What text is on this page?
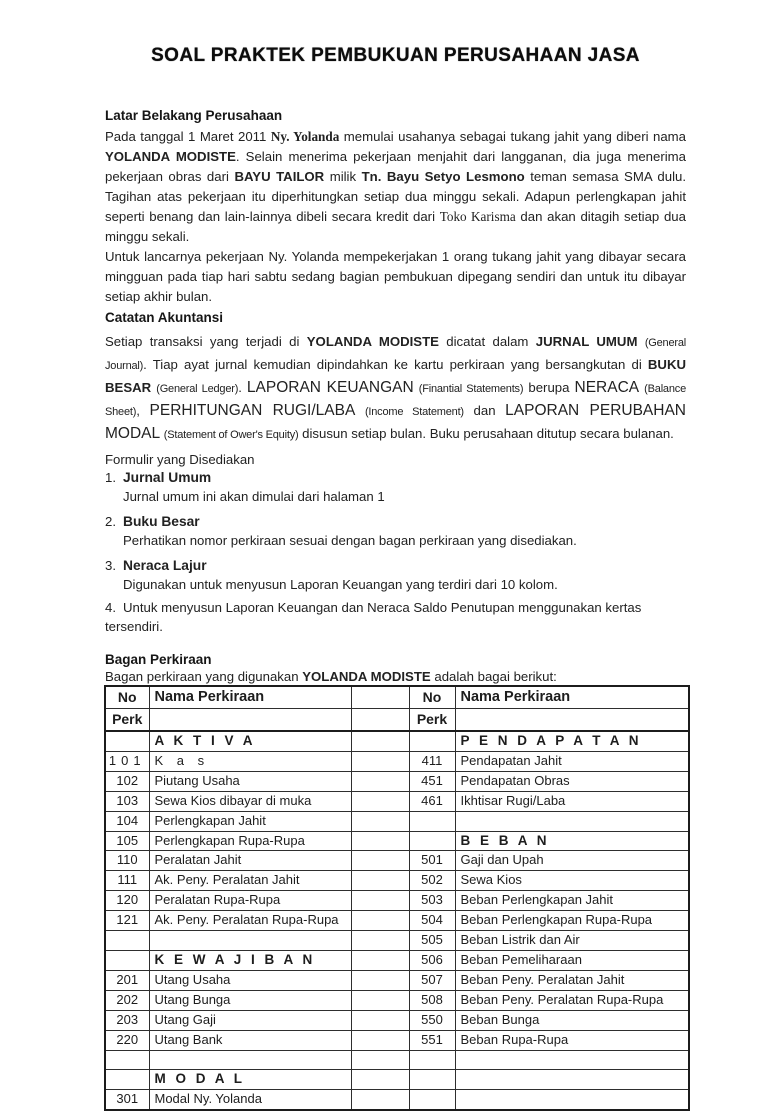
SOAL PRAKTEK PEMBUKUAN PERUSAHAAN JASA
Latar Belakang Perusahaan

Pada tanggal 1 Maret 2011 Ny. Yolanda memulai usahanya sebagai tukang jahit yang diberi nama YOLANDA MODISTE. Selain menerima pekerjaan menjahit dari langganan, dia juga menerima pekerjaan obras dari BAYU TAILOR milik Tn. Bayu Setyo Lesmono teman semasa SMA dulu. Tagihan atas pekerjaan itu diperhitungkan setiap dua minggu sekali. Adapun perlengkapan jahit seperti benang dan lain-lainnya dibeli secara kredit dari Toko Karisma dan akan ditagih setiap dua minggu sekali.

Untuk lancarnya pekerjaan Ny. Yolanda mempekerjakan 1 orang tukang jahit yang dibayar secara mingguan pada tiap hari sabtu sedang bagian pembukuan dipegang sendiri dan untuk itu dibayar setiap akhir bulan.

Catatan Akuntansi

Setiap transaksi yang terjadi di YOLANDA MODISTE dicatat dalam JURNAL UMUM (General Journal). Tiap ayat jurnal kemudian dipindahkan ke kartu perkiraan yang bersangkutan di BUKU BESAR (General Ledger). LAPORAN KEUANGAN (Finantial Statements) berupa NERACA (Balance Sheet), PERHITUNGAN RUGI/LABA (Income Statement) dan LAPORAN PERUBAHAN MODAL (Statement of Ower's Equity) disusun setiap bulan. Buku perusahaan ditutup secara bulanan.

Formulir yang Disediakan

1. Jurnal Umum
Jurnal umum ini akan dimulai dari halaman 1
2. Buku Besar
Perhatikan nomor perkiraan sesuai dengan bagan perkiraan yang disediakan.
3. Neraca Lajur
Digunakan untuk menyusun Laporan Keuangan yang terdiri dari 10 kolom.
4. Untuk menyusun Laporan Keuangan dan Neraca Saldo Penutupan menggunakan kertas tersendiri.
Bagan Perkiraan

Bagan perkiraan yang digunakan YOLANDA MODISTE adalah bagai berikut:

No	Nama Perkiraan		No	Nama Perkiraan
Perk			Perk	
	A K T I V A			P E N D A P A T A N
101	K a s		411	Pendapatan Jahit
102	Piutang Usaha		451	Pendapatan Obras
103	Sewa Kios dibayar di muka		461	Ikhtisar Rugi/Laba
104	Perlengkapan Jahit			
105	Perlengkapan Rupa-Rupa			B E B A N
110	Peralatan Jahit		501	Gaji dan Upah
111	Ak. Peny. Peralatan Jahit		502	Sewa Kios
120	Peralatan Rupa-Rupa		503	Beban Perlengkapan Jahit
121	Ak. Peny. Peralatan Rupa-Rupa		504	Beban Perlengkapan Rupa-Rupa
			505	Beban Listrik dan Air
	K E W A J I B A N		506	Beban Pemeliharaan
201	Utang Usaha		507	Beban Peny. Peralatan Jahit
202	Utang Bunga		508	Beban Peny. Peralatan Rupa-Rupa
203	Utang Gaji		550	Beban Bunga
220	Utang Bank		551	Beban Rupa-Rupa

	M O D A L			
301	Modal Ny. Yolanda			
